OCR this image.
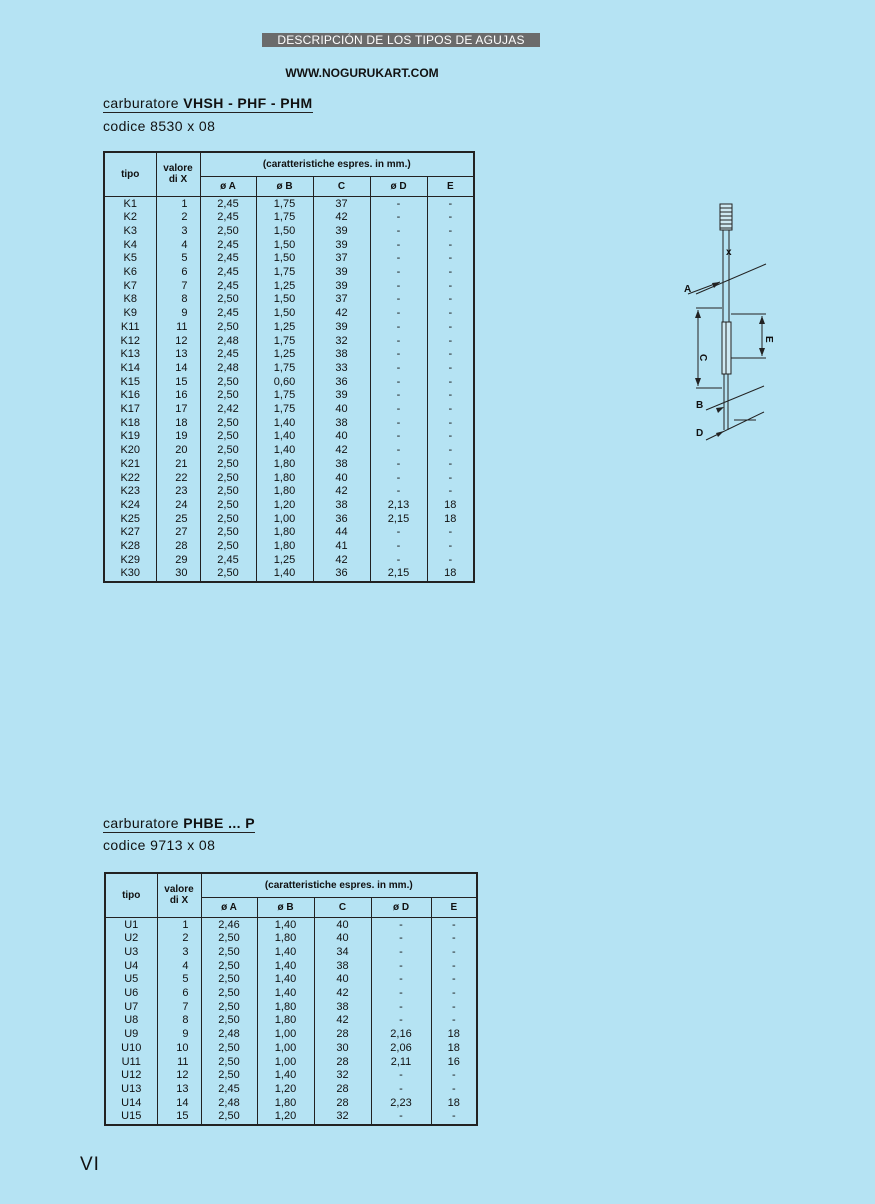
DESCRIPCIÓN DE LOS TIPOS DE AGUJAS
WWW.NOGURUKART.COM
carburatore VHSH - PHF - PHM
codice 8530 x 08
tipo	valore di X	(caratteristiche espres. in mm.)				
		ø A	ø B	C	ø D	E
K1	1	2,45	1,75	37	-	-
K2	2	2,45	1,75	42	-	-
K3	3	2,50	1,50	39	-	-
K4	4	2,45	1,50	39	-	-
K5	5	2,45	1,50	37	-	-
K6	6	2,45	1,75	39	-	-
K7	7	2,45	1,25	39	-	-
K8	8	2,50	1,50	37	-	-
K9	9	2,45	1,50	42	-	-
K11	11	2,50	1,25	39	-	-
K12	12	2,48	1,75	32	-	-
K13	13	2,45	1,25	38	-	-
K14	14	2,48	1,75	33	-	-
K15	15	2,50	0,60	36	-	-
K16	16	2,50	1,75	39	-	-
K17	17	2,42	1,75	40	-	-
K18	18	2,50	1,40	38	-	-
K19	19	2,50	1,40	40	-	-
K20	20	2,50	1,40	42	-	-
K21	21	2,50	1,80	38	-	-
K22	22	2,50	1,80	40	-	-
K23	23	2,50	1,80	42	-	-
K24	24	2,50	1,20	38	2,13	18
K25	25	2,50	1,00	36	2,15	18
K27	27	2,50	1,80	44	-	-
K28	28	2,50	1,80	41	-	-
K29	29	2,45	1,25	42	-	-
K30	30	2,50	1,40	36	2,15	18
carburatore PHBE ... P
codice 9713 x 08
tipo	valore di X	(caratteristiche espres. in mm.)				
		ø A	ø B	C	ø D	E
U1	1	2,46	1,40	40	-	-
U2	2	2,50	1,80	40	-	-
U3	3	2,50	1,40	34	-	-
U4	4	2,50	1,40	38	-	-
U5	5	2,50	1,40	40	-	-
U6	6	2,50	1,40	42	-	-
U7	7	2,50	1,80	38	-	-
U8	8	2,50	1,80	42	-	-
U9	9	2,48	1,00	28	2,16	18
U10	10	2,50	1,00	30	2,06	18
U11	11	2,50	1,00	28	2,11	16
U12	12	2,50	1,40	32	-	-
U13	13	2,45	1,20	28	-	-
U14	14	2,48	1,80	28	2,23	18
U15	15	2,50	1,20	32	-	-
x
A
C
E
B
D
VI
